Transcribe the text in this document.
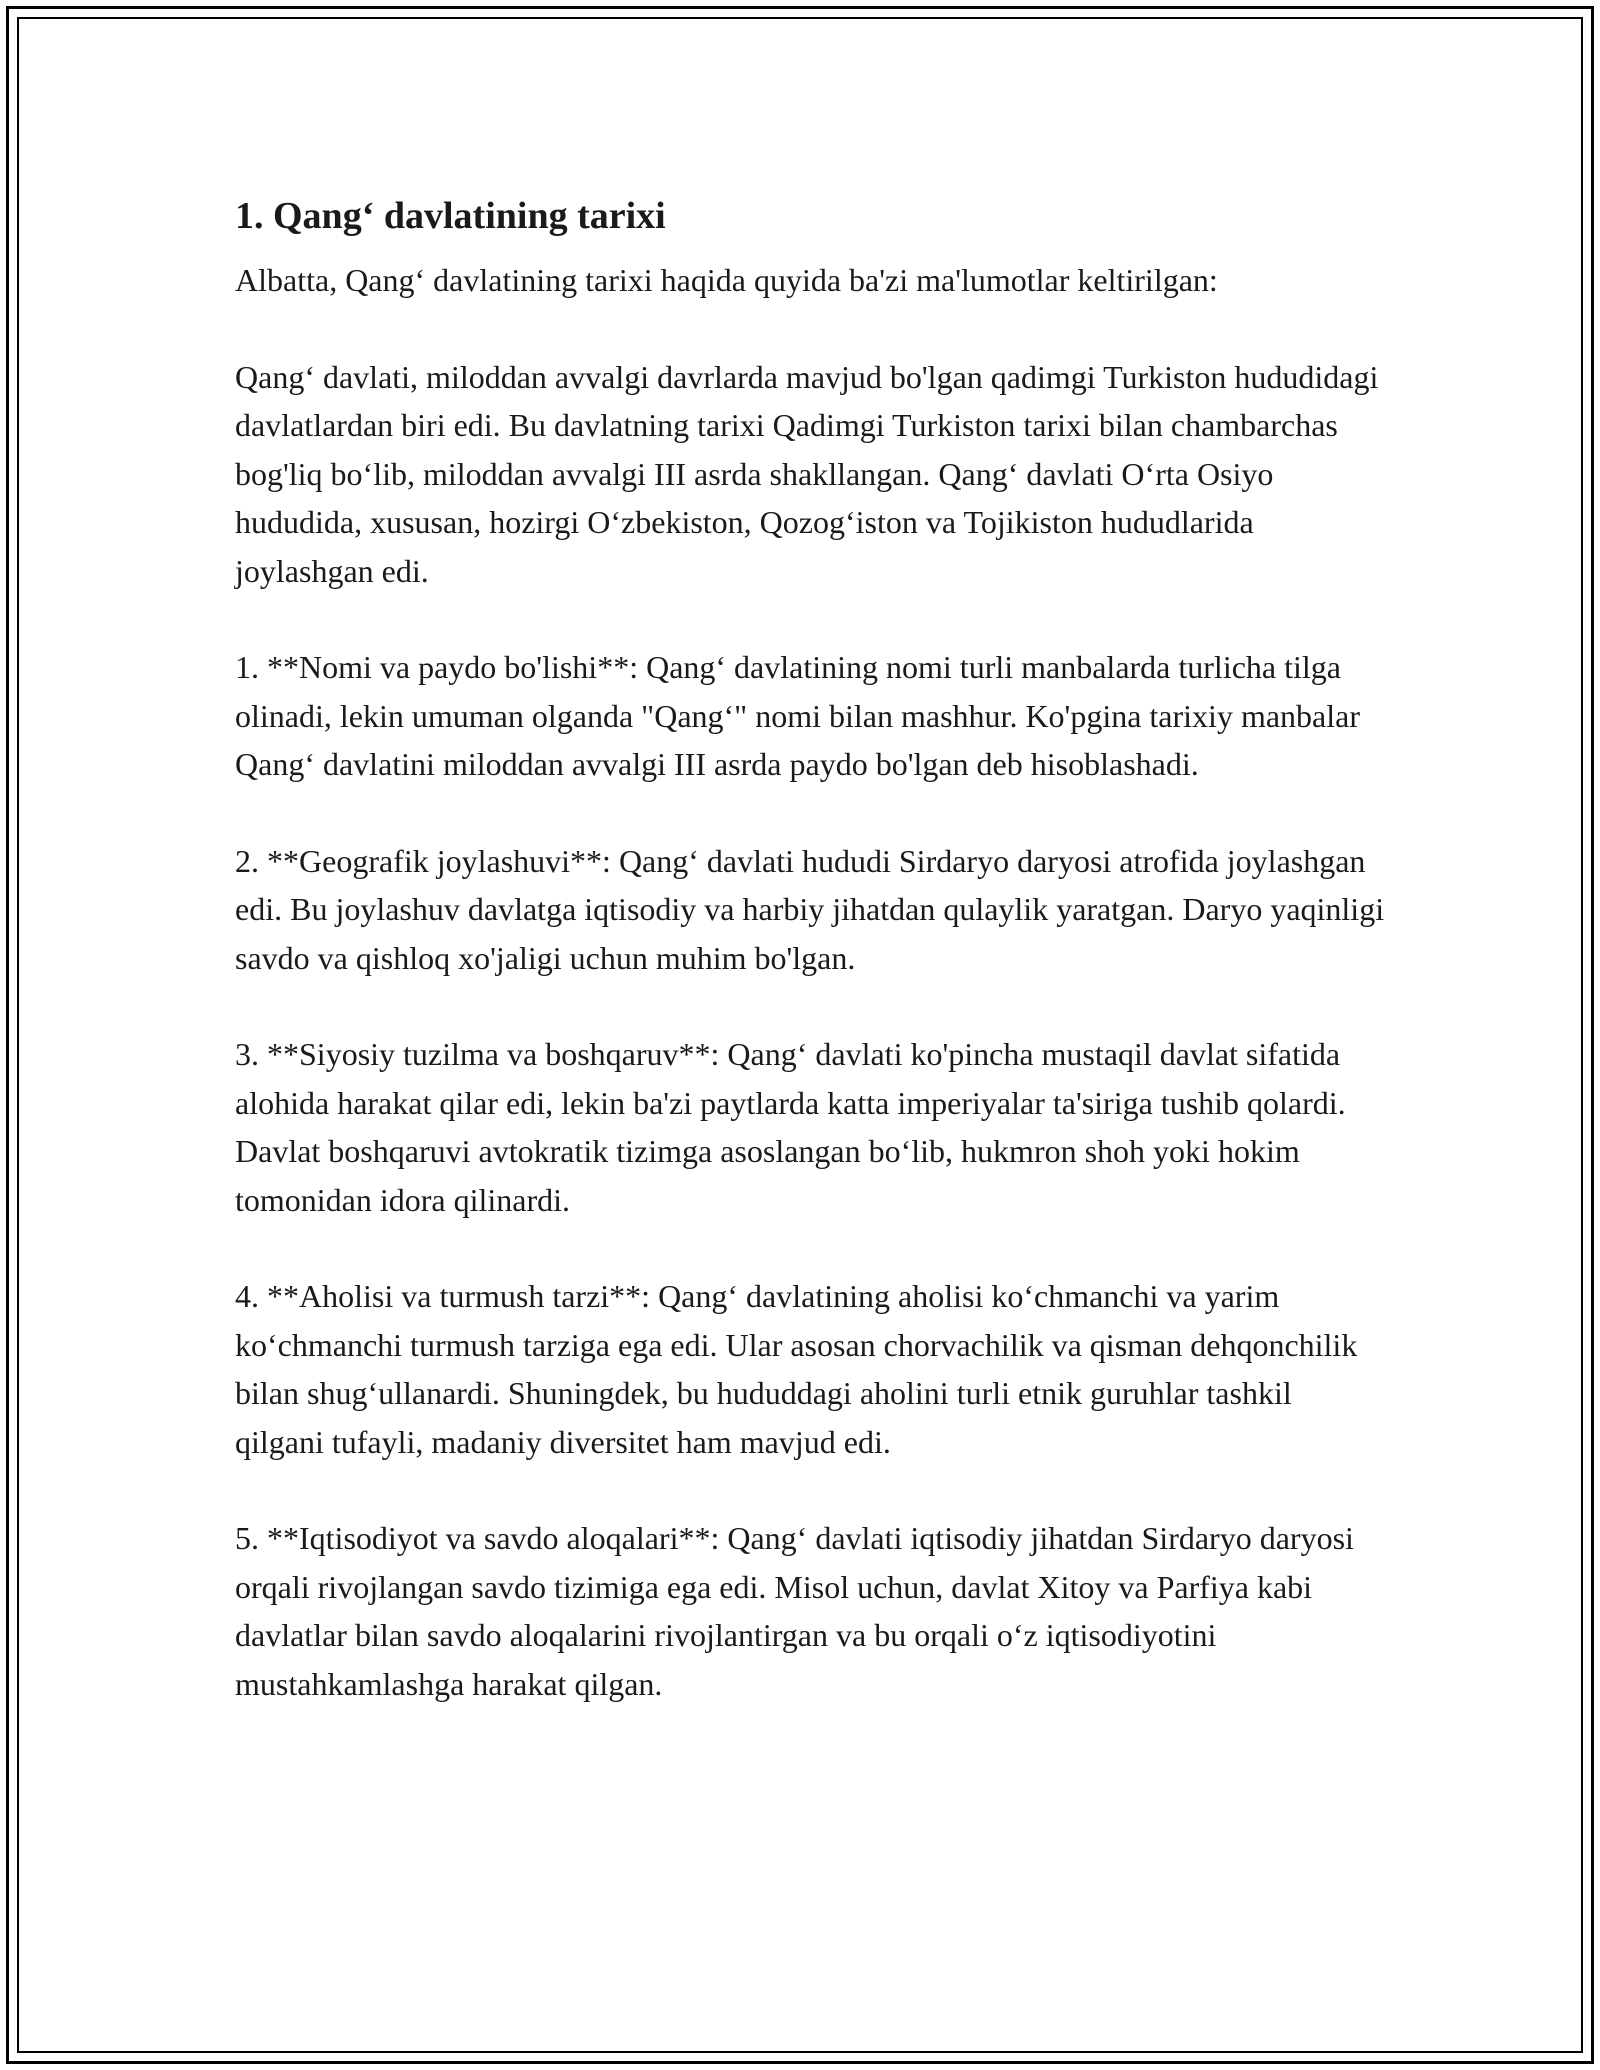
1. Qang‘ davlatining tarixi

Albatta, Qang‘ davlatining tarixi haqida quyida ba'zi ma'lumotlar keltirilgan:

Qang‘ davlati, miloddan avvalgi davrlarda mavjud bo'lgan qadimgi Turkiston hududidagi davlatlardan biri edi. Bu davlatning tarixi Qadimgi Turkiston tarixi bilan chambarchas bog'liq bo‘lib, miloddan avvalgi III asrda shakllangan. Qang‘ davlati O‘rta Osiyo hududida, xususan, hozirgi O‘zbekiston, Qozog‘iston va Tojikiston hududlarida joylashgan edi.

1. **Nomi va paydo bo'lishi**: Qang‘ davlatining nomi turli manbalarda turlicha tilga olinadi, lekin umuman olganda "Qang‘" nomi bilan mashhur. Ko'pgina tarixiy manbalar Qang‘ davlatini miloddan avvalgi III asrda paydo bo'lgan deb hisoblashadi.

2. **Geografik joylashuvi**: Qang‘ davlati hududi Sirdaryo daryosi atrofida joylashgan edi. Bu joylashuv davlatga iqtisodiy va harbiy jihatdan qulaylik yaratgan. Daryo yaqinligi savdo va qishloq xo'jaligi uchun muhim bo'lgan.

3. **Siyosiy tuzilma va boshqaruv**: Qang‘ davlati ko'pincha mustaqil davlat sifatida alohida harakat qilar edi, lekin ba'zi paytlarda katta imperiyalar ta'siriga tushib qolardi. Davlat boshqaruvi avtokratik tizimga asoslangan bo‘lib, hukmron shoh yoki hokim tomonidan idora qilinardi.

4. **Aholisi va turmush tarzi**: Qang‘ davlatining aholisi ko‘chmanchi va yarim ko‘chmanchi turmush tarziga ega edi. Ular asosan chorvachilik va qisman dehqonchilik bilan shug‘ullanardi. Shuningdek, bu hududdagi aholini turli etnik guruhlar tashkil qilgani tufayli, madaniy diversitet ham mavjud edi.

5. **Iqtisodiyot va savdo aloqalari**: Qang‘ davlati iqtisodiy jihatdan Sirdaryo daryosi orqali rivojlangan savdo tizimiga ega edi. Misol uchun, davlat Xitoy va Parfiya kabi davlatlar bilan savdo aloqalarini rivojlantirgan va bu orqali o‘z iqtisodiyotini mustahkamlashga harakat qilgan.
